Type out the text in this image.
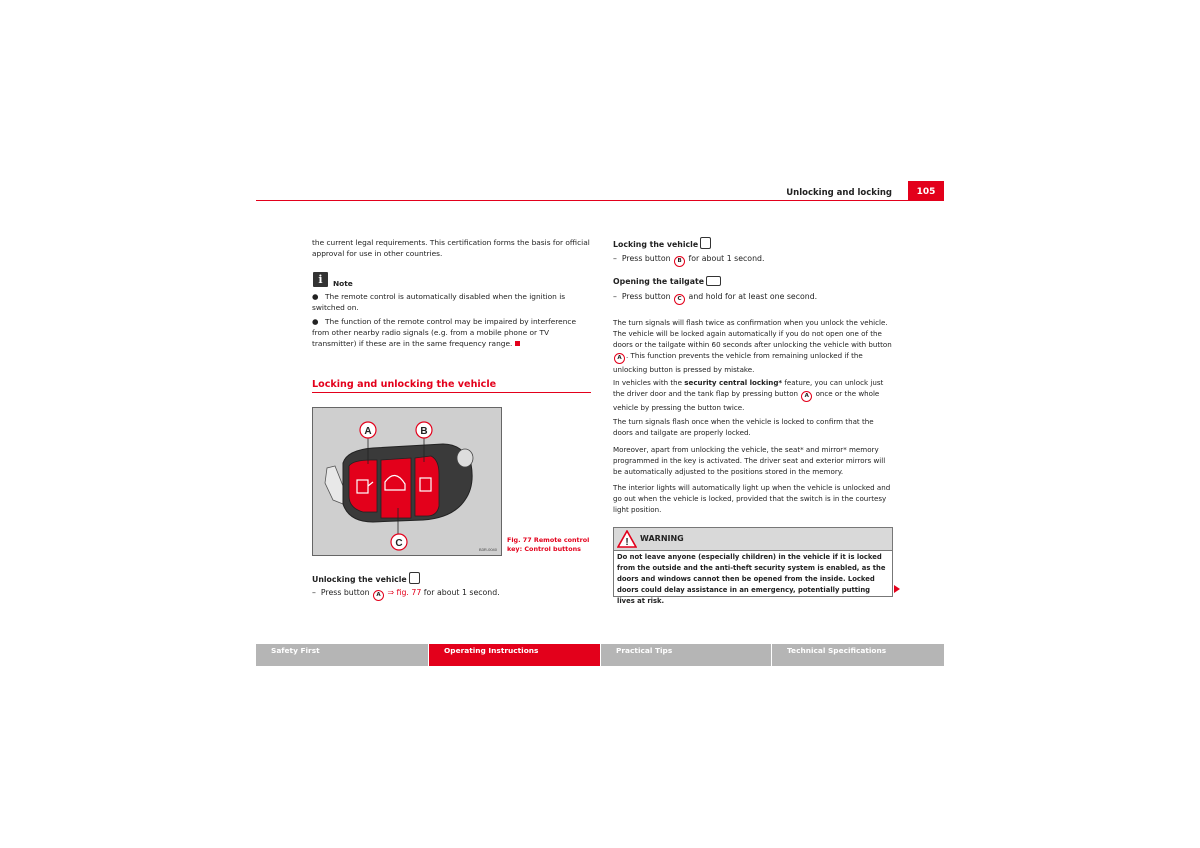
Unlocking and locking	105
the current legal requirements. This certification forms the basis for official approval for use in other countries.
i	Note
● The remote control is automatically disabled when the ignition is switched on.
● The function of the remote control may be impaired by interference from other nearby radio signals (e.g. from a mobile phone or TV transmitter) if these are in the same frequency range.
Locking and unlocking the vehicle
A	B
C
B3R-0040
Fig. 77 Remote control key: Control buttons
Unlocking the vehicle
–  Press button A ⇒ fig. 77 for about 1 second.
Locking the vehicle
–  Press button B for about 1 second.
Opening the tailgate
–  Press button C and hold for at least one second.
The turn signals will flash twice as confirmation when you unlock the vehicle. The vehicle will be locked again automatically if you do not open one of the doors or the tailgate within 60 seconds after unlocking the vehicle with button A . This function prevents the vehicle from remaining unlocked if the unlocking button is pressed by mistake.
In vehicles with the security central locking* feature, you can unlock just the driver door and the tank flap by pressing button A once or the whole vehicle by pressing the button twice.
The turn signals flash once when the vehicle is locked to confirm that the doors and tailgate are properly locked.
Moreover, apart from unlocking the vehicle, the seat* and mirror* memory programmed in the key is activated. The driver seat and exterior mirrors will be automatically adjusted to the positions stored in the memory.
The interior lights will automatically light up when the vehicle is unlocked and go out when the vehicle is locked, provided that the switch is in the courtesy light position.
! WARNING
Do not leave anyone (especially children) in the vehicle if it is locked from the outside and the anti-theft security system is enabled, as the doors and windows cannot then be opened from the inside. Locked doors could delay assistance in an emergency, potentially putting lives at risk.
Safety First	Operating Instructions	Practical Tips	Technical Specifications
